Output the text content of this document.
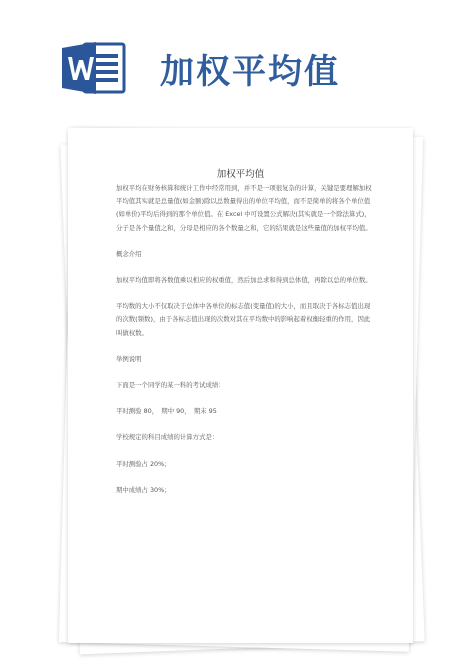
加权平均值
加权平均值

加权平均在财务核算和统计工作中经常用到，并不是一项很复杂的计算，关键是要理解加权平均值其实就是总量值(如金额)除以总数量得出的单位平均值，而不是简单的将各个单位值(如单价)平均后得到的那个单位值。在 Excel 中可设置公式解决(其实就是一个除法算式)，分子是各个量值之和，分母是相应的各个数量之和，它的结果就是这些量值的加权平均值。

概念介绍

加权平均值即将各数值乘以相应的权重值，然后加总求和得到总体值，再除以总的单位数。

平均数的大小不仅取决于总体中各单位的标志值(变量值)的大小，而且取决于各标志值出现的次数(频数)，由于各标志值出现的次数对其在平均数中的影响起着权衡轻重的作用，因此叫做权数。

举例说明

下面是一个同学的某一科的考试成绩：

平时测验 80，　期中 90，　期末 95

学校规定的科目成绩的计算方式是：

平时测验占 20%；

期中成绩占 30%；
